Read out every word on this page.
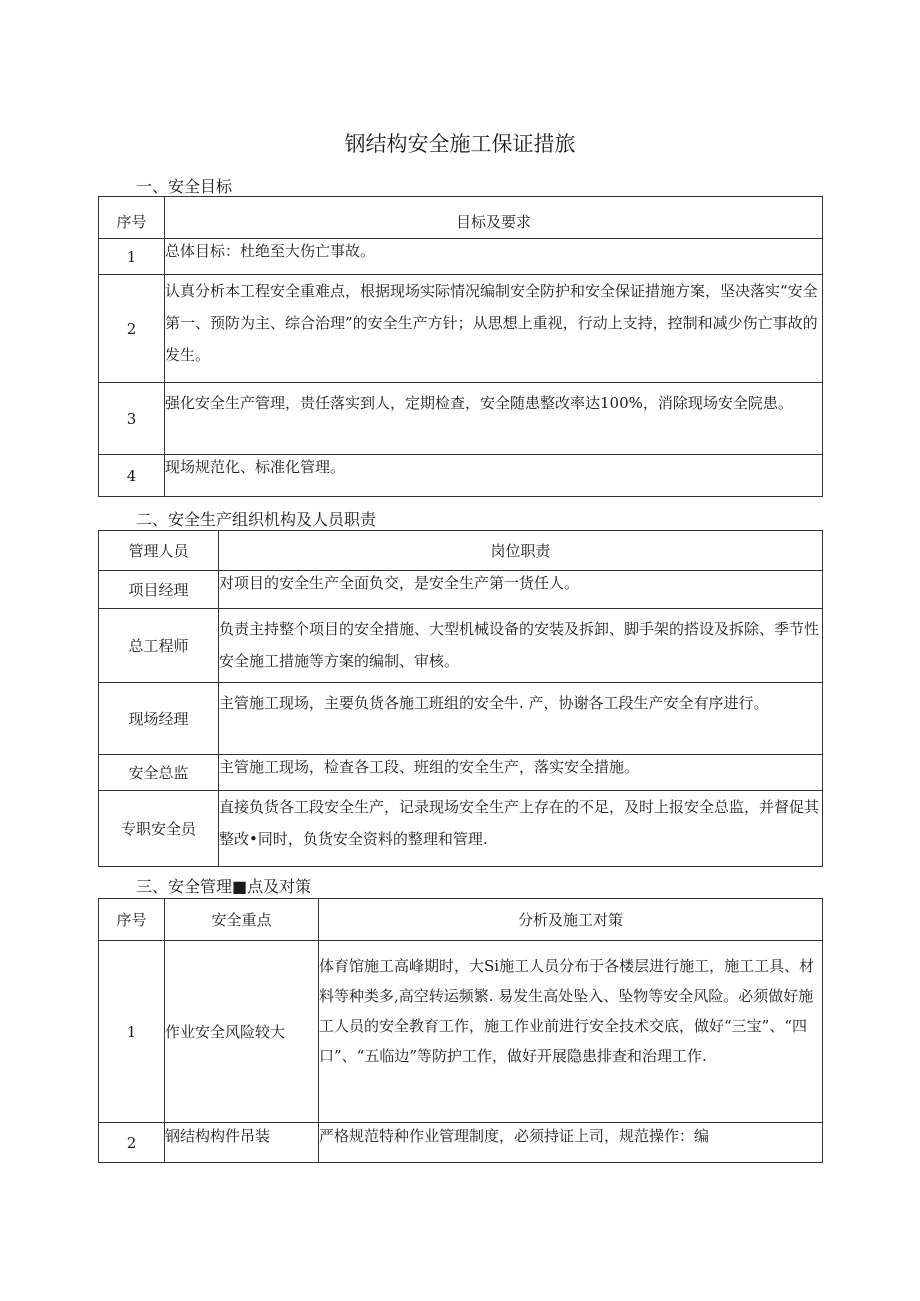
钢结构安全施工保证措旅
一、安全目标
序号	目标及要求
1	总体目标：杜绝至大伤亡事故。
2	认真分析本工程安全重难点，根据现场实际情况编制安全防护和安全保证措施方案，坚决落实“安全第一、预防为主、综合治理”的安全生产方针；从思想上重视，行动上支持，控制和减少伤亡事故的发生。
3	强化安全生产管理，贵任落实到人，定期检查，安全随患整改率达100%，消除现场安全院患。
4	现场规范化、标准化管理。
二、安全生产组织机构及人员职责
管理人员	岗位职责
项目经理	对项目的安全生产全面负交，是安全生产第一货任人。
总工程师	负责主持整个项目的安全措施、大型机械设备的安装及拆卸、脚手架的搭设及拆除、季节性安全施工措施等方案的编制、审核。
现场经理	主管施工现场，主要负货各施工班组的安全牛. 产，协谢各工段生产安全有序进行。
安全总监	主管施工现场，检查各工段、班组的安全生产，落实安全措施。
专职安全员	直接负货各工段安全生产，记录现场安全生产上存在的不足，及时上报安全总监，并督促其整改•同时，负货安全资料的整理和管理.
三、安全管理■点及对策
序号	安全重点	分析及施工对策
1	作业安全风险较大	体育馆施工高峰期时，大Si施工人员分布于各楼层进行施工，施工工具、材料等种类多,高空转运频繁. 易发生高处坠入、坠物等安全风险。必须做好施工人员的安全教育工作，施工作业前进行安全技术交底，做好“三宝”、“四口”、“五临边”等防护工作，做好开展隐患排查和治理工作.
2	钢结构构件吊装	严格规范特种作业管理制度，必须持证上司，规范操作：编
